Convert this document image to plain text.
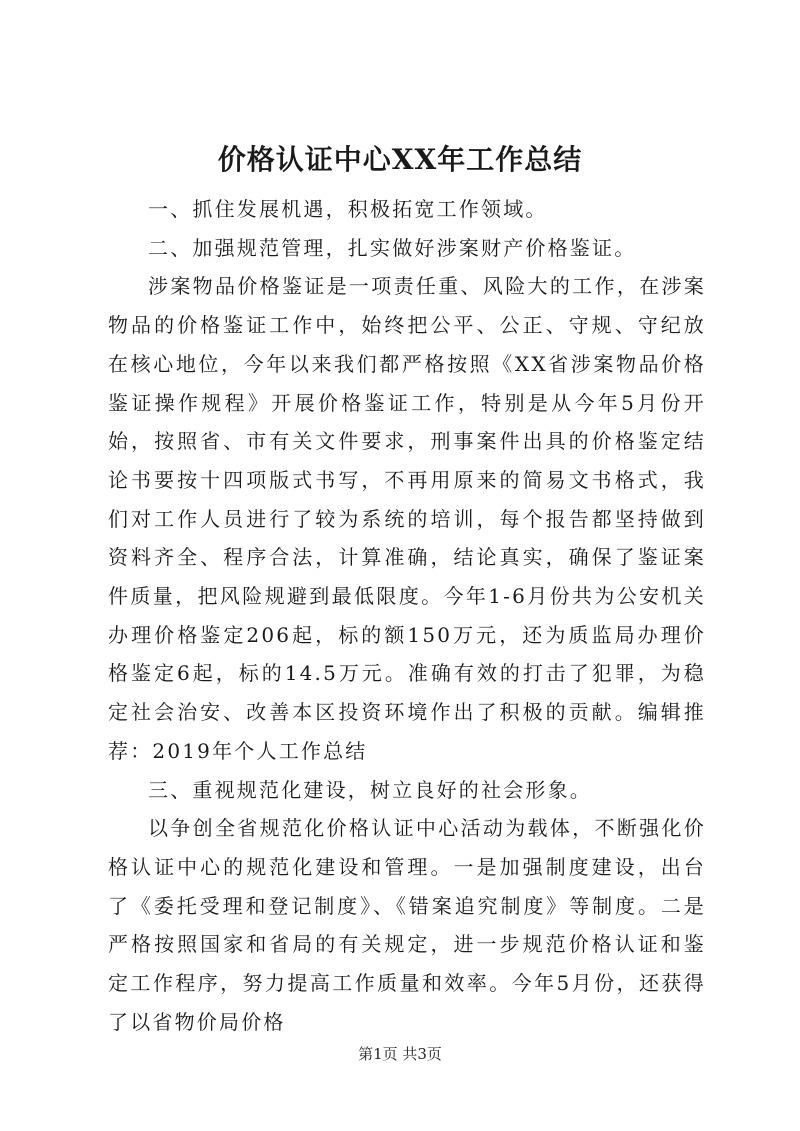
价格认证中心XX年工作总结

一、抓住发展机遇，积极拓宽工作领域。

二、加强规范管理，扎实做好涉案财产价格鉴证。

涉案物品价格鉴证是一项责任重、风险大的工作，在涉案物品的价格鉴证工作中，始终把公平、公正、守规、守纪放在核心地位，今年以来我们都严格按照《XX省涉案物品价格鉴证操作规程》开展价格鉴证工作，特别是从今年5月份开始，按照省、市有关文件要求，刑事案件出具的价格鉴定结论书要按十四项版式书写，不再用原来的简易文书格式，我们对工作人员进行了较为系统的培训，每个报告都坚持做到资料齐全、程序合法，计算准确，结论真实，确保了鉴证案件质量，把风险规避到最低限度。今年1-6月份共为公安机关办理价格鉴定206起，标的额150万元，还为质监局办理价格鉴定6起，标的14.5万元。准确有效的打击了犯罪，为稳定社会治安、改善本区投资环境作出了积极的贡献。编辑推荐：2019年个人工作总结

三、重视规范化建设，树立良好的社会形象。

以争创全省规范化价格认证中心活动为载体，不断强化价格认证中心的规范化建设和管理。一是加强制度建设，出台了《委托受理和登记制度》、《错案追究制度》等制度。二是严格按照国家和省局的有关规定，进一步规范价格认证和鉴定工作程序，努力提高工作质量和效率。今年5月份，还获得了以省物价局价格

第1页 共3页
